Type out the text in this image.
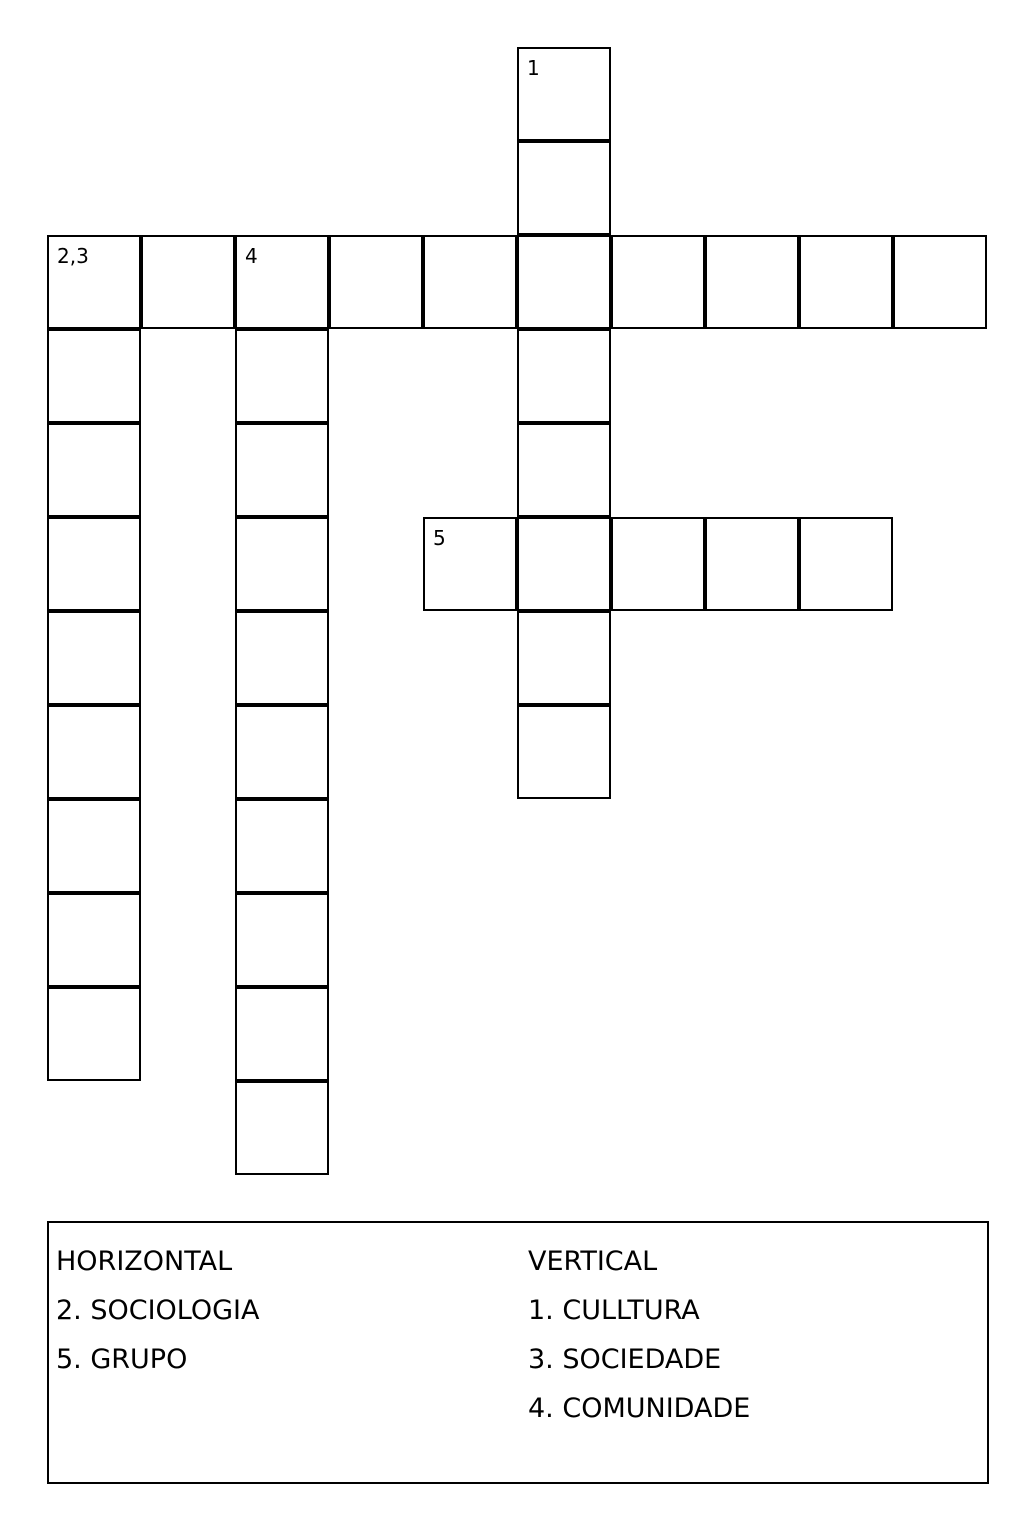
1
2,3	4
5
HORIZONTAL
2. SOCIOLOGIA
5. GRUPO
VERTICAL
1. CULLTURA
3. SOCIEDADE
4. COMUNIDADE
